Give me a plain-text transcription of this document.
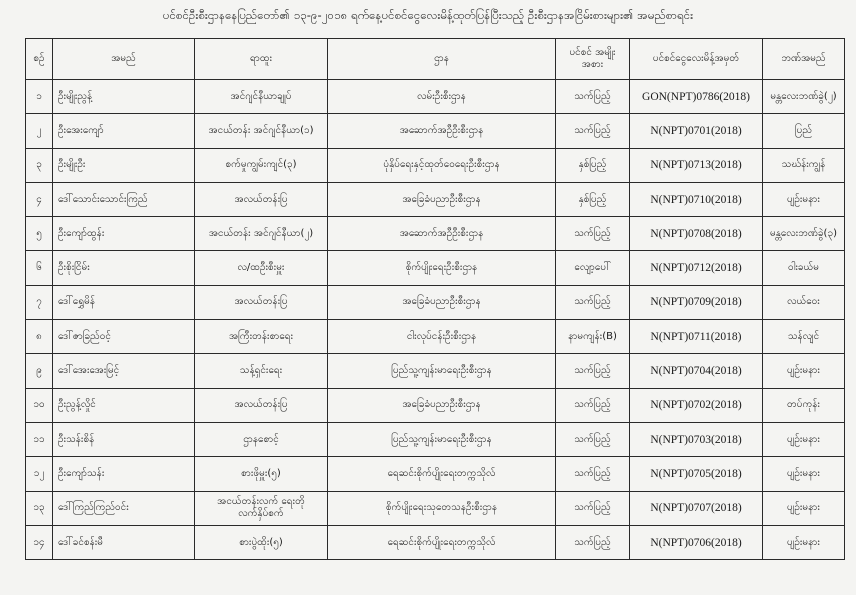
ပင်စင်ဦးစီးဌာနနေပြည်တော်၏ ၁၃-၉-၂၀၁၈ ရက်နေ့ပင်စင်ငွေလေးမိန့်ထုတ်ပြန်ပြီးသည့် ဦးစီးဌာနအငြိမ်းစားများ၏ အမည်စာရင်း
စဉ်	အမည်	ရာထူး	ဌာန	ပင်စင် အမျိုးအစား	ပင်စင်ငွေလေးမိန့်အမှတ်	ဘဏ်အမည်
၁	ဦးမျိုးညွန့်	အင်ဂျင်နီယာချုပ်	လမ်းဦးစီးဌာန	သက်ပြည့်	GON(NPT)0786(2018)	မန္တလေးဘဏ်ခွဲ(၂)
၂	ဦးအေးကျော်	အငယ်တန်း အင်ဂျင်နီယာ(၁)	အဆောက်အဦဦးစီးဌာန	သက်ပြည့်	N(NPT)0701(2018)	ပြည်
၃	ဦးမျိုးဦး	စက်မှုကျွမ်းကျင်(၃)	ပုံနှိပ်ရေးနှင့်ထုတ်ဝေရေးဦးစီးဌာန	နှစ်ပြည့်	N(NPT)0713(2018)	သဃ်န်းကျွန်
၄	ဒေါ်သောင်းသောင်းကြည်	အလယ်တန်းပြ	အခြေခံပညာဦးစီးဌာန	နှစ်ပြည့်	N(NPT)0710(2018)	ပျဉ်းမနား
၅	ဦးကျော်ထွန်း	အငယ်တန်း အင်ဂျင်နီယာ(၂)	အဆောက်အဦဦးစီးဌာန	သက်ပြည့်	N(NPT)0708(2018)	မန္တလေးဘဏ်ခွဲ(၃)
၆	ဦးစိုးငြိမ်း	လ/ထဦးစီးမှူး	စိုက်ပျိုးရေးဦးစီးဌာန	လျော့ပေါ်	N(NPT)0712(2018)	ဝါးခယ်မ
၇	ဒေါ်ရွှေမိန်	အလယ်တန်းပြ	အခြေခံပညာဦးစီးဌာန	သက်ပြည့်	N(NPT)0709(2018)	လယ်ဝေး
၈	ဒေါ်ဇာခြည်ဝင့်	အကြီးတန်းစာရေး	ငါးလုပ်ငန်းဦးစီးဌာန	နာမကျန်း(B)	N(NPT)0711(2018)	သန်လျင်
၉	ဒေါ်အေးအေးမြင့်	သန့်ရှင်းရေး	ပြည်သူ့ကျန်းမာရေးဦးစီးဌာန	သက်ပြည့်	N(NPT)0704(2018)	ပျဉ်းမနား
၁၀	ဦးညွန့်လှိုင်	အလယ်တန်းပြ	အခြေခံပညာဦးစီးဌာန	သက်ပြည့်	N(NPT)0702(2018)	တပ်ကုန်း
၁၁	ဦးသန်းစိန်	ဌာနစောင့်	ပြည်သူ့ကျန်းမာရေးဦးစီးဌာန	သက်ပြည့်	N(NPT)0703(2018)	ပျဉ်းမနား
၁၂	ဦးကျော်သန်း	စားဖိုမှူး(၅)	ရေဆင်းစိုက်ပျိုးရေးတက္ကသိုလ်	သက်ပြည့်	N(NPT)0705(2018)	ပျဉ်းမနား
၁၃	ဒေါ်ကြည်ကြည်ဝင်း	အငယ်တန်းလက် ရေးတိုလက်နှိပ်စက်	စိုက်ပျိုးရေးသုတေသနဦးစီးဌာန	သက်ပြည့်	N(NPT)0707(2018)	ပျဉ်းမနား
၁၄	ဒေါ်ခင်စန်းမီ	စားပွဲထိုး(၅)	ရေဆင်းစိုက်ပျိုးရေးတက္ကသိုလ်	သက်ပြည့်	N(NPT)0706(2018)	ပျဉ်းမနား
